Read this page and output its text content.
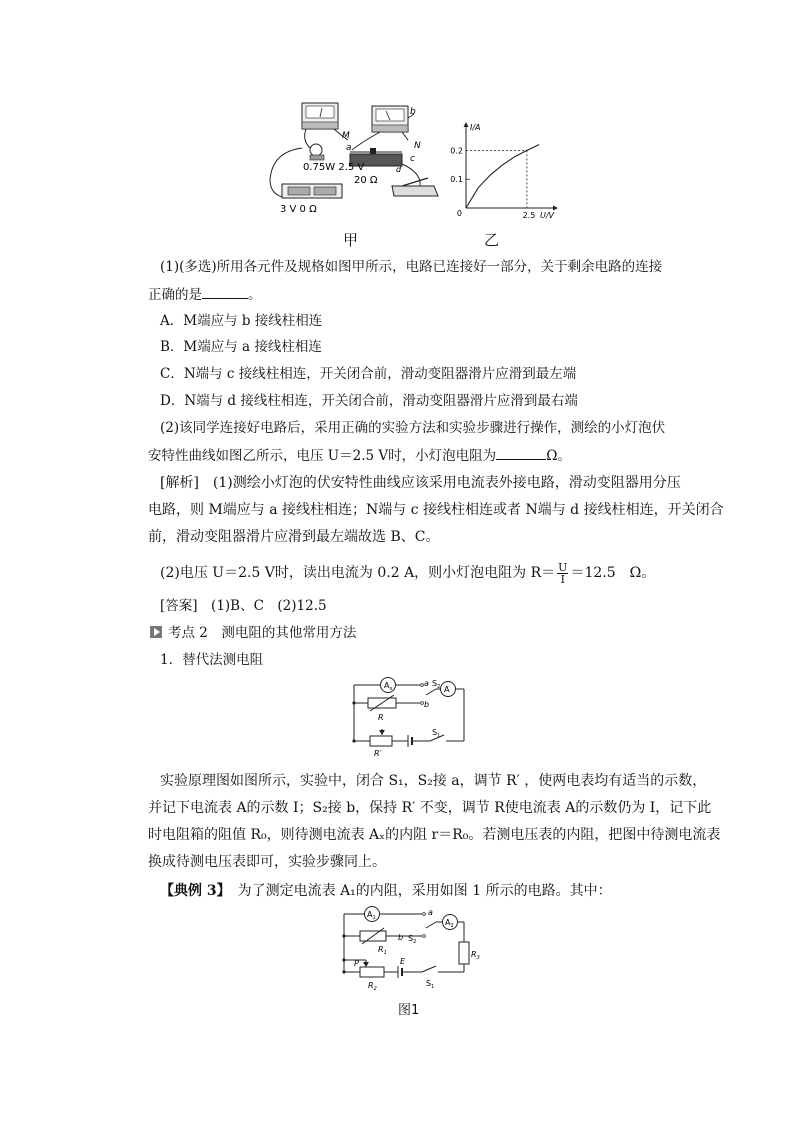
0.75W 2.5 V
20 Ω
3 V 0 Ω
b
M
N
a
c
d
0.2
0.1
0	2.5
I/A
U/V
甲	乙
(1)(多选)所用各元件及规格如图甲所示，电路已连接好一部分，关于剩余电路的连接
正确的是	。
A．M端应与 b 接线柱相连
B．M端应与 a 接线柱相连
C．N端与 c 接线柱相连，开关闭合前，滑动变阻器滑片应滑到最左端
D．N端与 d 接线柱相连，开关闭合前，滑动变阻器滑片应滑到最右端
(2)该同学连接好电路后，采用正确的实验方法和实验步骤进行操作，测绘的小灯泡伏
安特性曲线如图乙所示，电压 U＝2.5 V时，小灯泡电阻为	Ω。
[解析]　(1)测绘小灯泡的伏安特性曲线应该采用电流表外接电路，滑动变阻器用分压
电路，则 M端应与 a 接线柱相连；N端与 c 接线柱相连或者 N端与 d 接线柱相连，开关闭合
前，滑动变阻器滑片应滑到最左端故选 B、C。
(2)电压 U＝2.5 V时，读出电流为 0.2 A，则小灯泡电阻为 $R= \frac{U}{I} =12.5$　Ω。
[答案]　(1)B、C　(2)12.5
考点 2　测电阻的其他常用方法
1．替代法测电阻
$A_x$	A
a
b
$S_2$
R
R′
$S_1$
实验原理图如图所示，实验中，闭合 S₁，S₂接 a，调节 R′ ，使两电表均有适当的示数，
并记下电流表 A的示数 I；S₂接 b，保持 R′ 不变，调节 R使电流表 A的示数仍为 I，记下此
时电阻箱的阻值 R₀，则待测电流表 Aₓ的内阻 r＝R₀。若测电压表的内阻，把图中待测电流表
换成待测电压表即可，实验步骤同上。
【典例 3】　为了测定电流表 A₁的内阻，采用如图 1 所示的电路。其中：
$A_1$	$A_2$
a
b $S_2$
$R_1$	$R_3$
P	E
$R_2$
$S_1$
图1
